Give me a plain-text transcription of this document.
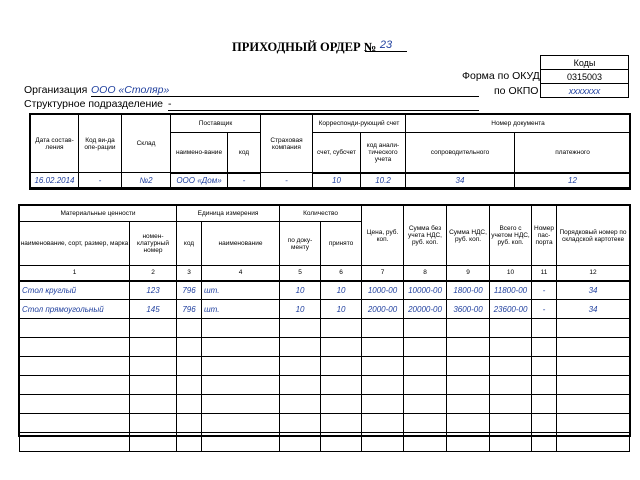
ПРИХОДНЫЙ ОРДЕР № 23
Форма по ОКУД
по ОКПО
Коды
0315003
ххххххх
Организация ООО «Столяр»
Структурное подразделение -
Дата состав-ления	Код ви-да опе-рации	Склад	Поставщик		Страховая компания	Корреспонди-рующий счет		Номер документа	
			наимено-вание	код		счет, субсчет	код анали-тического учета	сопроводительного	платежного
16.02.2014	-	№2	ООО «Дом»	-	-	10	10.2	34	12
Материальные ценности		Единица измерения		Количество		Цена, руб. коп.	Сумма без учета НДС, руб. коп.	Сумма НДС, руб. коп.	Всего с учетом НДС, руб. коп.	Номер пас-порта	Порядковый номер по складской картотеке
наименование, сорт, размер, марка	номен-клатурный номер	код	наименование	по доку-менту	принято						
1	2	3	4	5	6	7	8	9	10	11	12
Стол круглый	123	796	шт.	10	10	1000-00	10000-00	1800-00	11800-00	-	34
Стол прямоугольный	145	796	шт.	10	10	2000-00	20000-00	3600-00	23600-00	-	34
